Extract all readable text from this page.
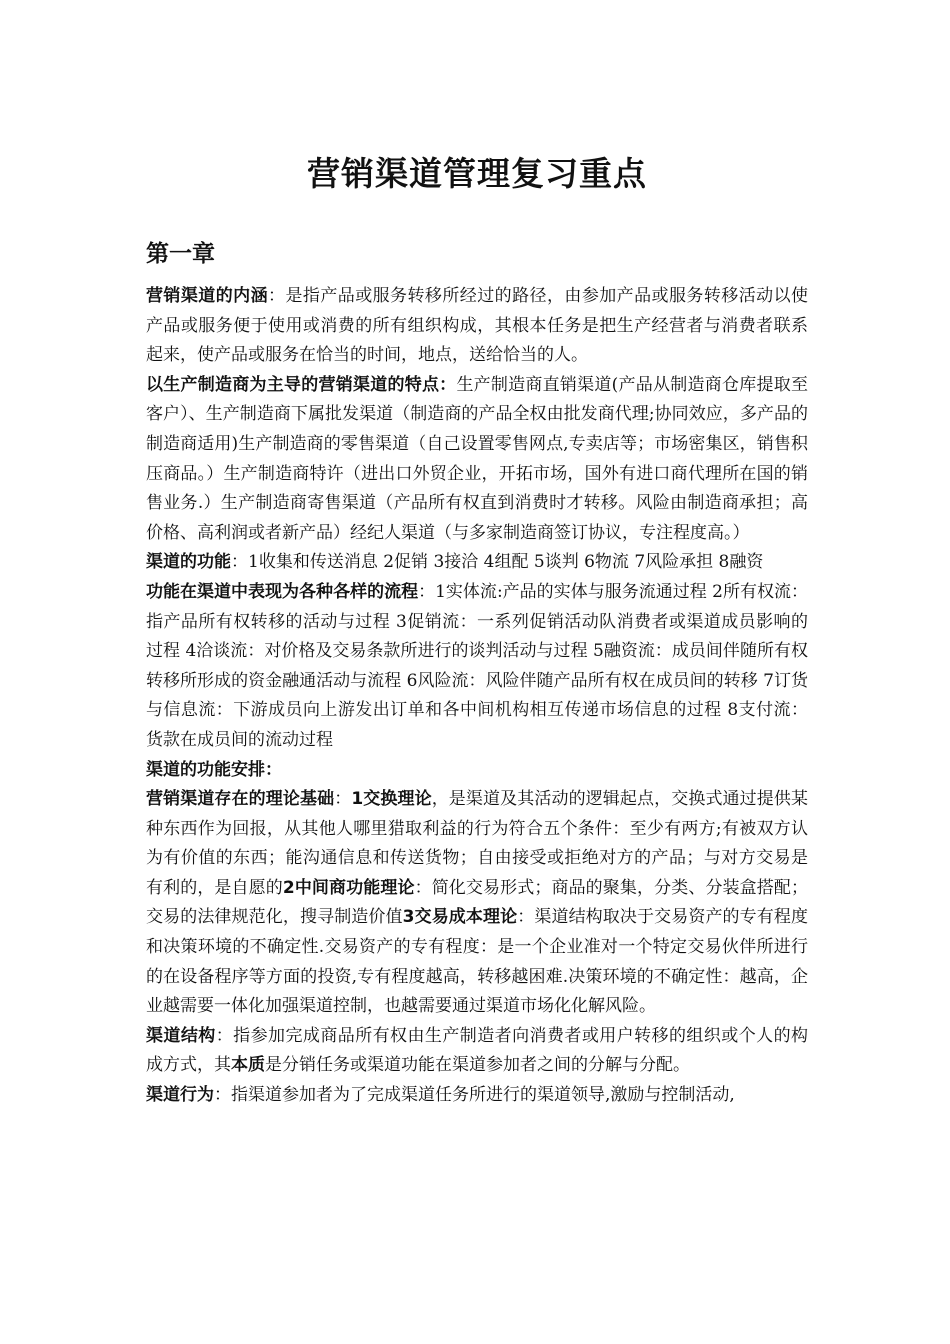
营销渠道管理复习重点
第一章

营销渠道的内涵：是指产品或服务转移所经过的路径，由参加产品或服务转移活动以使产品或服务便于使用或消费的所有组织构成，其根本任务是把生产经营者与消费者联系起来，使产品或服务在恰当的时间，地点，送给恰当的人。

以生产制造商为主导的营销渠道的特点：生产制造商直销渠道(产品从制造商仓库提取至客户）、生产制造商下属批发渠道（制造商的产品全权由批发商代理;协同效应，多产品的制造商适用)生产制造商的零售渠道（自己设置零售网点,专卖店等；市场密集区，销售积压商品。）生产制造商特许（进出口外贸企业，开拓市场，国外有进口商代理所在国的销售业务.）生产制造商寄售渠道（产品所有权直到消费时才转移。风险由制造商承担；高价格、高利润或者新产品）经纪人渠道（与多家制造商签订协议，专注程度高。）

渠道的功能：1收集和传送消息 2促销 3接洽 4组配 5谈判 6物流 7风险承担 8融资

功能在渠道中表现为各种各样的流程：1实体流:产品的实体与服务流通过程 2所有权流：指产品所有权转移的活动与过程 3促销流：一系列促销活动队消费者或渠道成员影响的过程 4洽谈流：对价格及交易条款所进行的谈判活动与过程 5融资流：成员间伴随所有权转移所形成的资金融通活动与流程 6风险流：风险伴随产品所有权在成员间的转移 7订货与信息流：下游成员向上游发出订单和各中间机构相互传递市场信息的过程 8支付流：货款在成员间的流动过程

渠道的功能安排：

营销渠道存在的理论基础：1交换理论，是渠道及其活动的逻辑起点，交换式通过提供某种东西作为回报，从其他人哪里猎取利益的行为符合五个条件：至少有两方;有被双方认为有价值的东西；能沟通信息和传送货物；自由接受或拒绝对方的产品；与对方交易是有利的，是自愿的2中间商功能理论：简化交易形式；商品的聚集，分类、分装盒搭配；交易的法律规范化，搜寻制造价值3交易成本理论：渠道结构取决于交易资产的专有程度和决策环境的不确定性.交易资产的专有程度：是一个企业准对一个特定交易伙伴所进行的在设备程序等方面的投资,专有程度越高，转移越困难.决策环境的不确定性：越高，企业越需要一体化加强渠道控制，也越需要通过渠道市场化化解风险。

渠道结构：指参加完成商品所有权由生产制造者向消费者或用户转移的组织或个人的构成方式，其本质是分销任务或渠道功能在渠道参加者之间的分解与分配。

渠道行为：指渠道参加者为了完成渠道任务所进行的渠道领导,激励与控制活动,
